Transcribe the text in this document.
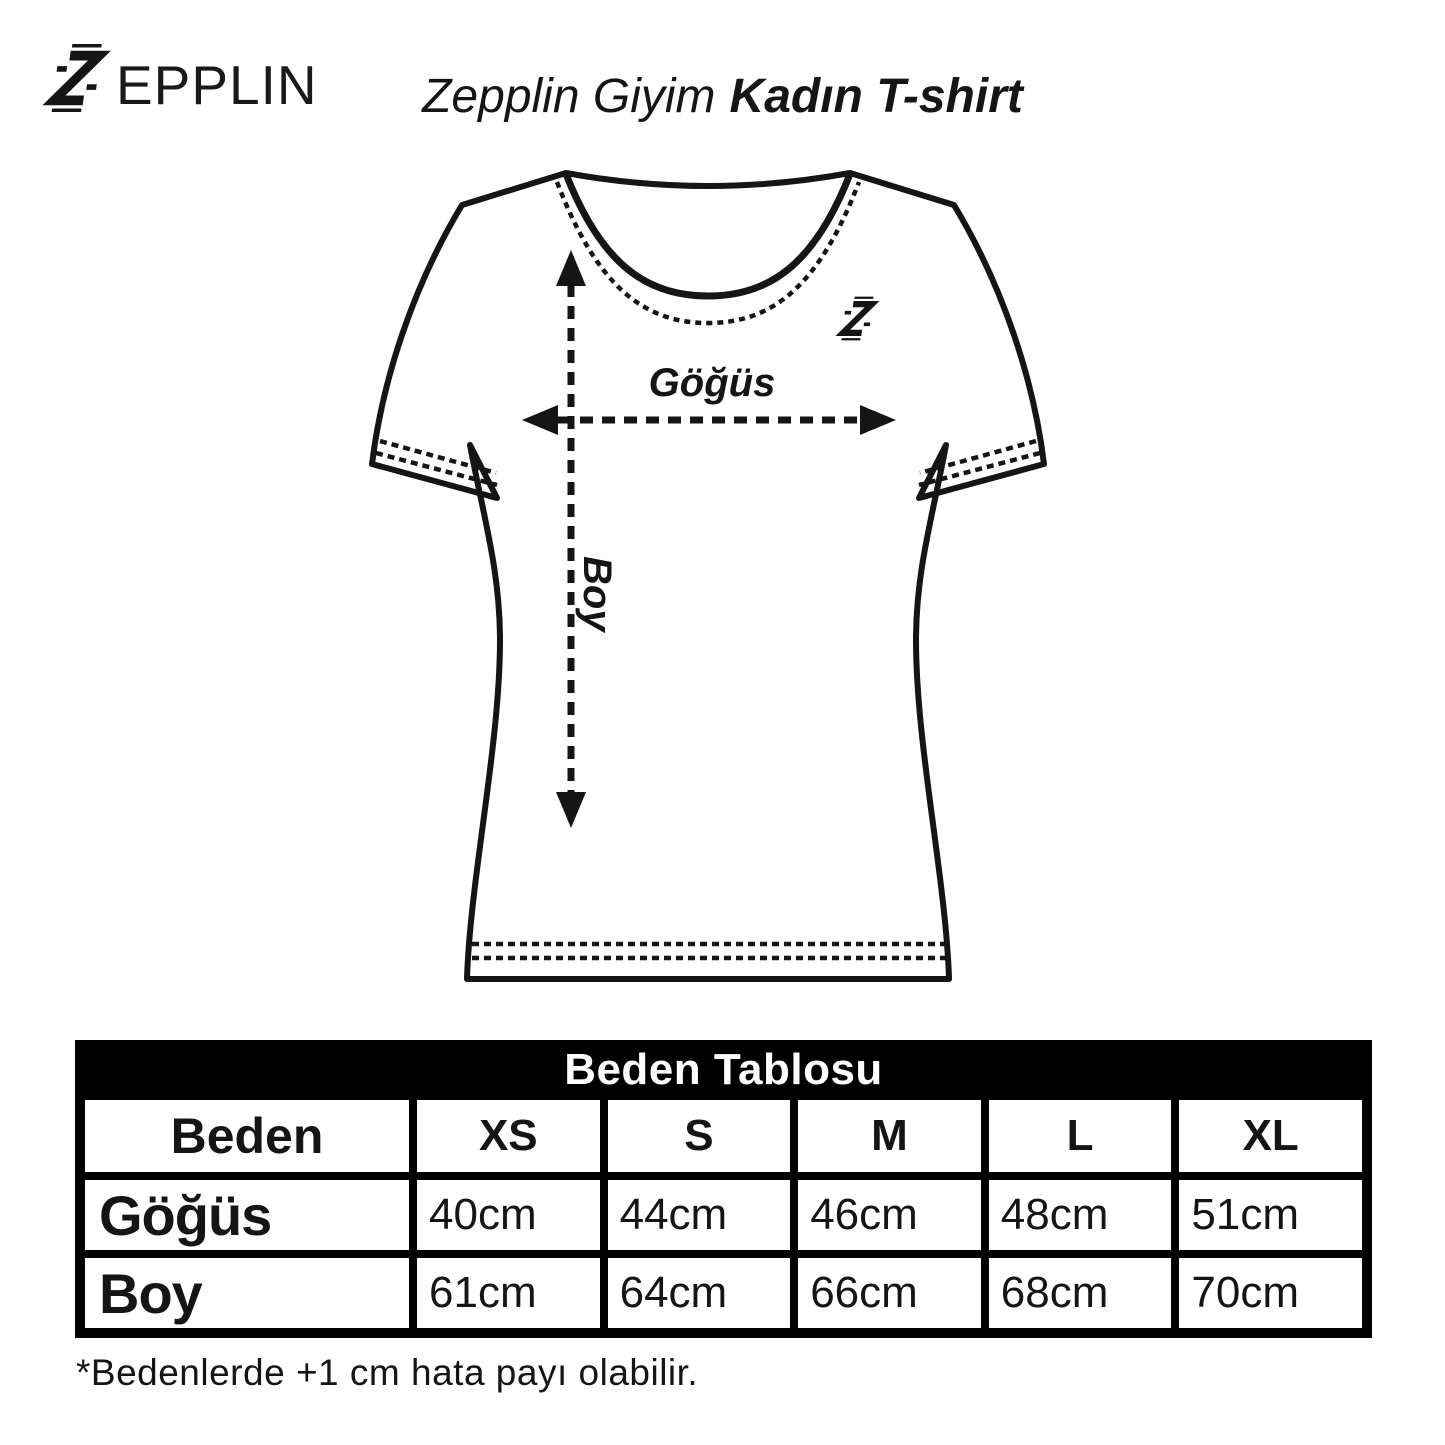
EPPLIN	Zepplin Giyim Kadın T-shirt
Göğüs
Boy
Beden Tablosu
Beden	XS	S	M	L	XL
Göğüs	40cm	44cm	46cm	48cm	51cm
Boy	61cm	64cm	66cm	68cm	70cm
*Bedenlerde +1 cm hata payı olabilir.
